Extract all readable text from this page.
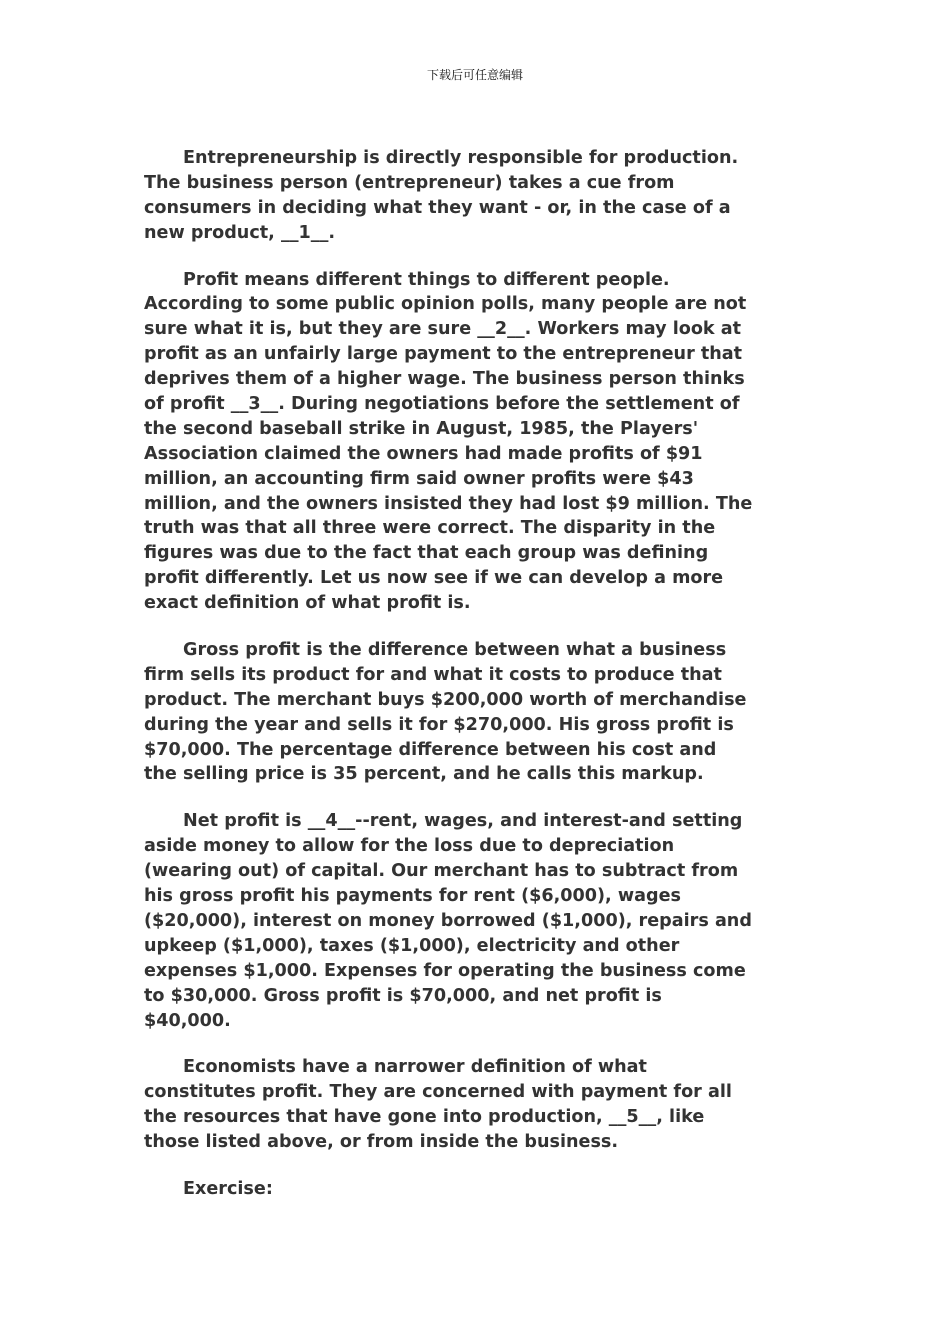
下载后可任意编辑
Entrepreneurship is directly responsible for production.
The business person (entrepreneur) takes a cue from
consumers in deciding what they want - or, in the case of a
new product, __1__.
Profit means different things to different people.
According to some public opinion polls, many people are not
sure what it is, but they are sure __2__. Workers may look at
profit as an unfairly large payment to the entrepreneur that
deprives them of a higher wage. The business person thinks
of profit __3__. During negotiations before the settlement of
the second baseball strike in August, 1985, the Players'
Association claimed the owners had made profits of $91
million, an accounting firm said owner profits were $43
million, and the owners insisted they had lost $9 million. The
truth was that all three were correct. The disparity in the
figures was due to the fact that each group was defining
profit differently. Let us now see if we can develop a more
exact definition of what profit is.
Gross profit is the difference between what a business
firm sells its product for and what it costs to produce that
product. The merchant buys $200,000 worth of merchandise
during the year and sells it for $270,000. His gross profit is
$70,000. The percentage difference between his cost and
the selling price is 35 percent, and he calls this markup.
Net profit is __4__--rent, wages, and interest-and setting
aside money to allow for the loss due to depreciation
(wearing out) of capital. Our merchant has to subtract from
his gross profit his payments for rent ($6,000), wages
($20,000), interest on money borrowed ($1,000), repairs and
upkeep ($1,000), taxes ($1,000), electricity and other
expenses $1,000. Expenses for operating the business come
to $30,000. Gross profit is $70,000, and net profit is
$40,000.
Economists have a narrower definition of what
constitutes profit. They are concerned with payment for all
the resources that have gone into production, __5__, like
those listed above, or from inside the business.
Exercise:
